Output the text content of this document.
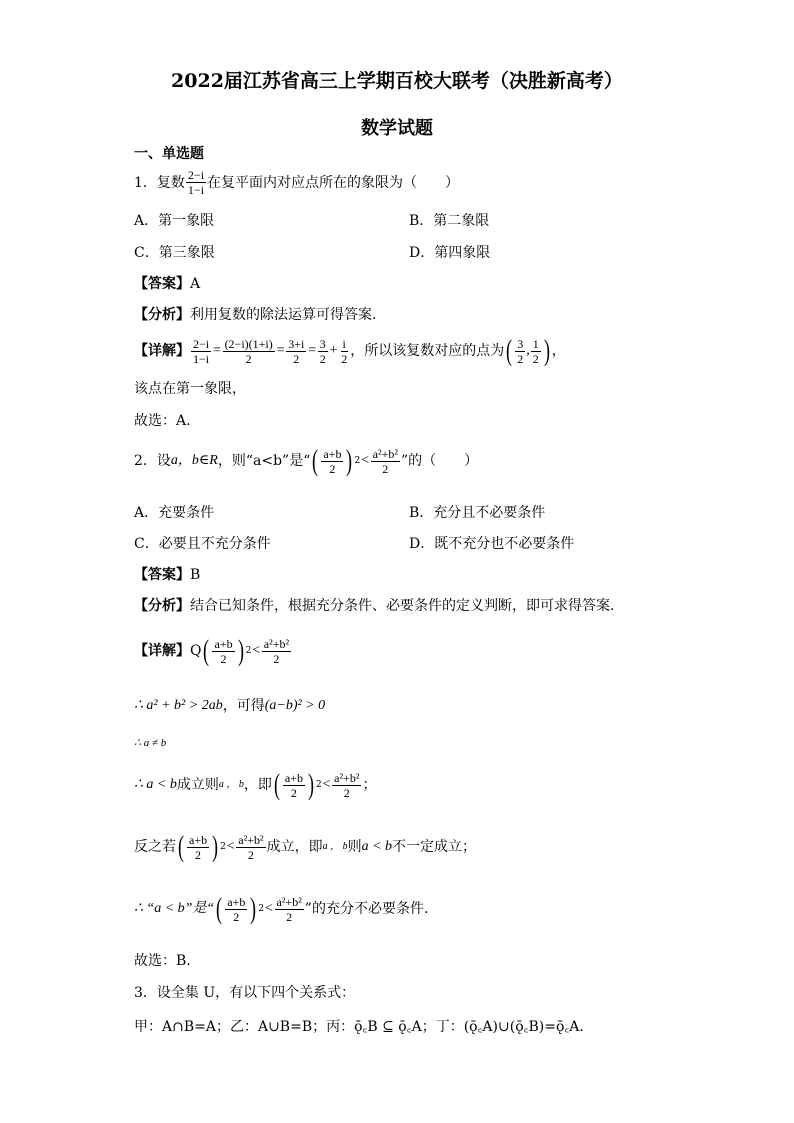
2022届江苏省高三上学期百校大联考（决胜新高考）
数学试题
一、单选题
1．复数 $\frac{2-i}{1-i}$ 在复平面内对应点所在的象限为（　　）
A．第一象限	B．第二象限
C．第三象限	D．第四象限
【答案】A
【分析】利用复数的除法运算可得答案.
【详解】 $\frac{2-i}{1-i} = \frac{(2-i)(1+i)}{2} = \frac{3+i}{2} = \frac{3}{2} + \frac{i}{2}$ ，所以该复数对应的点为 ( $\frac{3}{2}$ , $\frac{1}{2}$ ) ，
该点在第一象限，
故选：A.
2．设 a，b∈R ，则“a<b”是“ ( $\frac{a+b}{2}$ ) $2 < \frac{\text{a²+b²}}{2}$ ”的（　　）
A．充要条件	B．充分且不必要条件
C．必要且不充分条件	D．既不充分也不必要条件
【答案】B
【分析】结合已知条件，根据充分条件、必要条件的定义判断，即可求得答案.
【详解】 Q ( $\frac{a+b}{2}$ ) $2 < \frac{\text{a²+b²}}{2}$
∴ a² + b² > 2ab ，可得 (a−b)² > 0
∴ a ≠ b
∴ a < b 成立则 a ， b ，即 ( $\frac{a+b}{2}$ ) $2 < \frac{\text{a²+b²}}{2}$ ；
反之若 ( $\frac{a+b}{2}$ ) $2 < \frac{\text{a²+b²}}{2}$ 成立，即 a ， b 则 a < b 不一定成立；
∴ “a < b”是“ ( $\frac{a+b}{2}$ ) $2 < \frac{\text{a²+b²}}{2}$ ”的充分不必要条件.
故选：B.
3．设全集 U，有以下四个关系式：
甲：A∩B=A；乙：A∪B=B；丙：ǭ꜀B ⊆ ǭ꜀A；丁：(ǭ꜀A)∪(ǭ꜀B)=ǭ꜀A．
